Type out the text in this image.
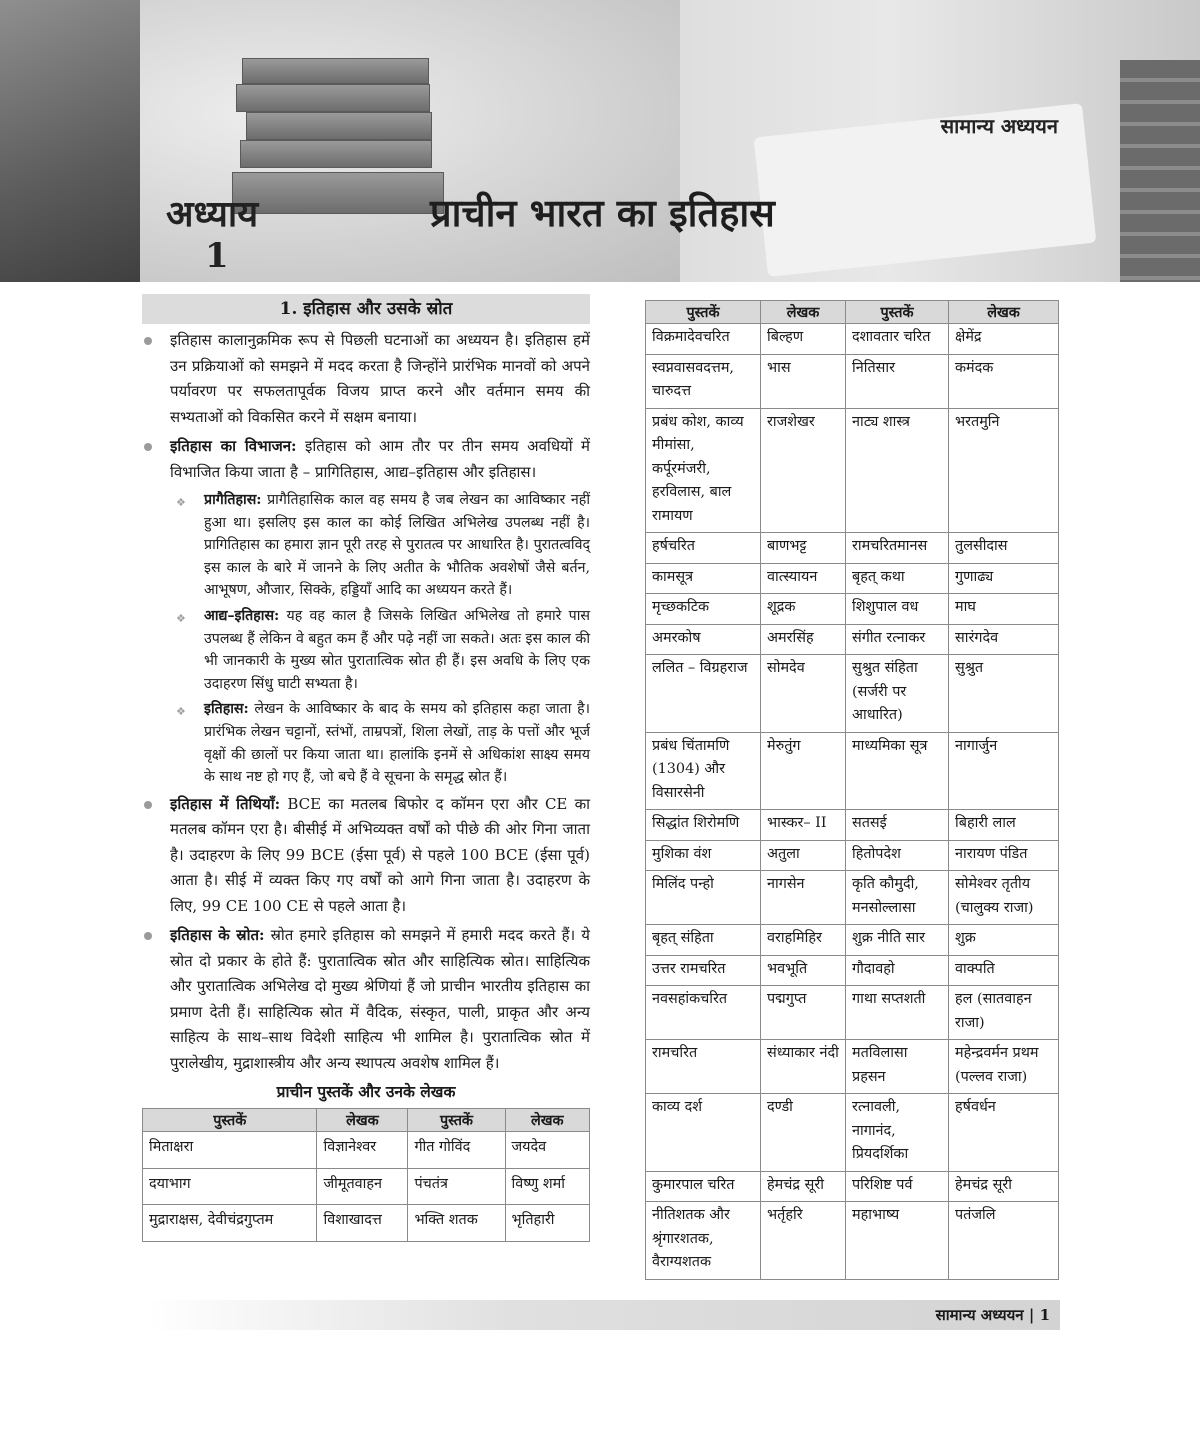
सामान्य अध्ययन
अध्याय
1
प्राचीन भारत का इतिहास
1. इतिहास और उसके स्रोत
इतिहास कालानुक्रमिक रूप से पिछली घटनाओं का अध्ययन है। इतिहास हमें उन प्रक्रियाओं को समझने में मदद करता है जिन्होंने प्रारंभिक मानवों को अपने पर्यावरण पर सफलतापूर्वक विजय प्राप्त करने और वर्तमान समय की सभ्यताओं को विकसित करने में सक्षम बनाया।
इतिहास का विभाजन: इतिहास को आम तौर पर तीन समय अवधियों में विभाजित किया जाता है – प्रागितिहास, आद्य–इतिहास और इतिहास।
❖ प्रागैतिहास: प्रागैतिहासिक काल वह समय है जब लेखन का आविष्कार नहीं हुआ था। इसलिए इस काल का कोई लिखित अभिलेख उपलब्ध नहीं है। प्रागितिहास का हमारा ज्ञान पूरी तरह से पुरातत्व पर आधारित है। पुरातत्वविद् इस काल के बारे में जानने के लिए अतीत के भौतिक अवशेषों जैसे बर्तन, आभूषण, औजार, सिक्के, हड्डियाँ आदि का अध्ययन करते हैं।
❖ आद्य–इतिहास: यह वह काल है जिसके लिखित अभिलेख तो हमारे पास उपलब्ध हैं लेकिन वे बहुत कम हैं और पढ़े नहीं जा सकते। अतः इस काल की भी जानकारी के मुख्य स्रोत पुरातात्विक स्रोत ही हैं। इस अवधि के लिए एक उदाहरण सिंधु घाटी सभ्यता है।
❖ इतिहास: लेखन के आविष्कार के बाद के समय को इतिहास कहा जाता है। प्रारंभिक लेखन चट्टानों, स्तंभों, ताम्रपत्रों, शिला लेखों, ताड़ के पत्तों और भूर्ज वृक्षों की छालों पर किया जाता था। हालांकि इनमें से अधिकांश साक्ष्य समय के साथ नष्ट हो गए हैं, जो बचे हैं वे सूचना के समृद्ध स्रोत हैं।
इतिहास में तिथियाँ: BCE का मतलब बिफोर द कॉमन एरा और CE का मतलब कॉमन एरा है। बीसीई में अभिव्यक्त वर्षों को पीछे की ओर गिना जाता है। उदाहरण के लिए 99 BCE (ईसा पूर्व) से पहले 100 BCE (ईसा पूर्व) आता है। सीई में व्यक्त किए गए वर्षों को आगे गिना जाता है। उदाहरण के लिए, 99 CE 100 CE से पहले आता है।
इतिहास के स्रोत: स्रोत हमारे इतिहास को समझने में हमारी मदद करते हैं। ये स्रोत दो प्रकार के होते हैं: पुरातात्विक स्रोत और साहित्यिक स्रोत। साहित्यिक और पुरातात्विक अभिलेख दो मुख्य श्रेणियां हैं जो प्राचीन भारतीय इतिहास का प्रमाण देती हैं। साहित्यिक स्रोत में वैदिक, संस्कृत, पाली, प्राकृत और अन्य साहित्य के साथ–साथ विदेशी साहित्य भी शामिल है। पुरातात्विक स्रोत में पुरालेखीय, मुद्राशास्त्रीय और अन्य स्थापत्य अवशेष शामिल हैं।
प्राचीन पुस्तकें और उनके लेखक
पुस्तकें	लेखक	पुस्तकें	लेखक
मिताक्षरा	विज्ञानेश्वर	गीत गोविंद	जयदेव
दयाभाग	जीमूतवाहन	पंचतंत्र	विष्णु शर्मा
मुद्राराक्षस, देवीचंद्रगुप्तम	विशाखादत्त	भक्ति शतक	भृतिहारी
पुस्तकें	लेखक	पुस्तकें	लेखक
विक्रमादेवचरित	बिल्हण	दशावतार चरित	क्षेमेंद्र
स्वप्नवासवदत्तम, चारुदत्त	भास	नितिसार	कमंदक
प्रबंध कोश, काव्य मीमांसा, कर्पूरमंजरी, हरविलास, बाल रामायण	राजशेखर	नाट्य शास्त्र	भरतमुनि
हर्षचरित	बाणभट्ट	रामचरितमानस	तुलसीदास
कामसूत्र	वात्स्यायन	बृहत् कथा	गुणाढ्य
मृच्छकटिक	शूद्रक	शिशुपाल वध	माघ
अमरकोष	अमरसिंह	संगीत रत्नाकर	सारंगदेव
ललित – विग्रहराज	सोमदेव	सुश्रुत संहिता (सर्जरी पर आधारित)	सुश्रुत
प्रबंध चिंतामणि (1304) और विसारसेनी	मेरुतुंग	माध्यमिका सूत्र	नागार्जुन
सिद्धांत शिरोमणि	भास्कर– II	सतसई	बिहारी लाल
मुशिका वंश	अतुला	हितोपदेश	नारायण पंडित
मिलिंद पन्हो	नागसेन	कृति कौमुदी, मनसोल्लासा	सोमेश्वर तृतीय (चालुक्य राजा)
बृहत् संहिता	वराहमिहिर	शुक्र नीति सार	शुक्र
उत्तर रामचरित	भवभूति	गौदावहो	वाक्पति
नवसहांकचरित	पद्मगुप्त	गाथा सप्तशती	हल (सातवाहन राजा)
रामचरित	संध्याकार नंदी	मतविलासा प्रहसन	महेन्द्रवर्मन प्रथम (पल्लव राजा)
काव्य दर्श	दण्डी	रत्नावली, नागानंद, प्रियदर्शिका	हर्षवर्धन
कुमारपाल चरित	हेमचंद्र सूरी	परिशिष्ट पर्व	हेमचंद्र सूरी
नीतिशतक और श्रृंगारशतक, वैराग्यशतक	भर्तृहरि	महाभाष्य	पतंजलि
सामान्य अध्ययन | 1
